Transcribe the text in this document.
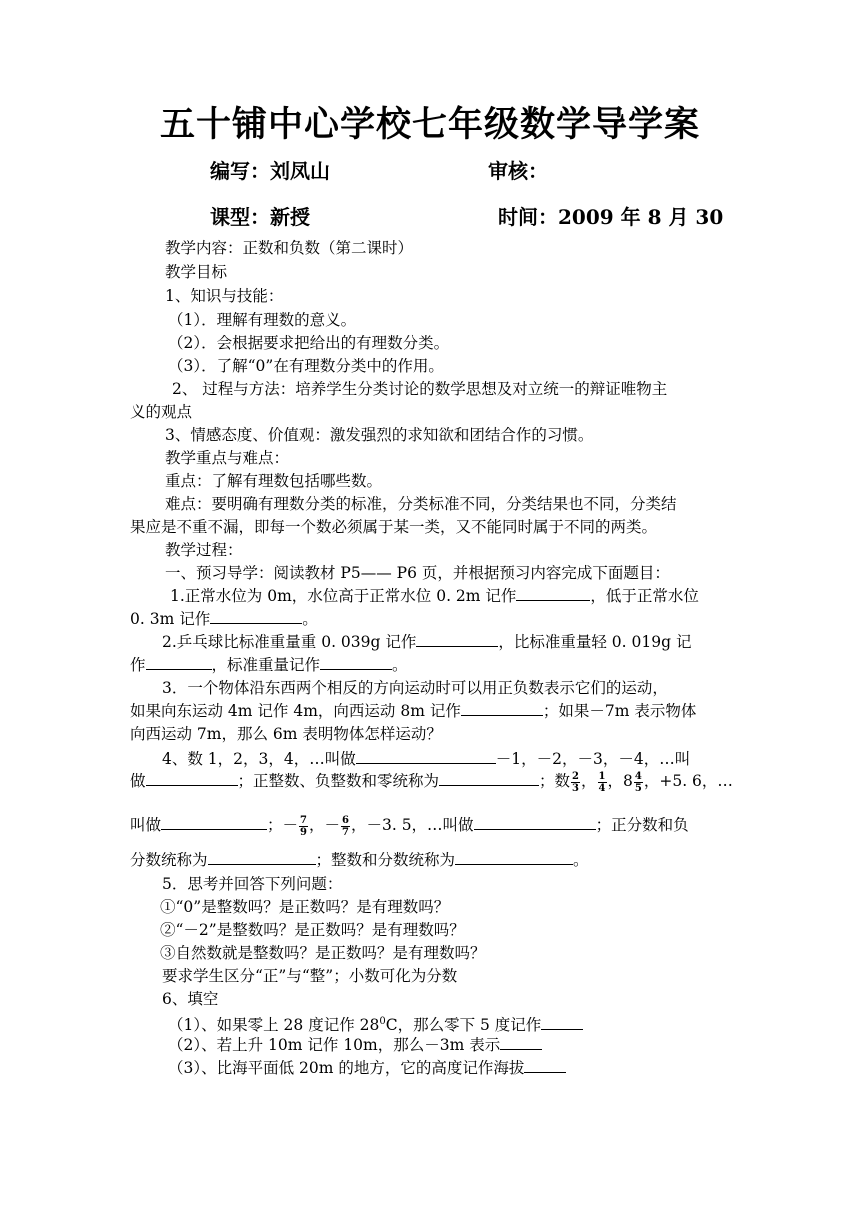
五十铺中心学校七年级数学导学案
编写：刘凤山	审核：
课型：新授	时间：2009 年 8 月 30
教学内容：正数和负数（第二课时）
教学目标
1、知识与技能：
（1）．理解有理数的意义。
（2）．会根据要求把给出的有理数分类。
（3）．了解“0”在有理数分类中的作用。
2、 过程与方法：培养学生分类讨论的数学思想及对立统一的辩证唯物主
义的观点
3、情感态度、价值观：激发强烈的求知欲和团结合作的习惯。
教学重点与难点：
重点：了解有理数包括哪些数。
难点：要明确有理数分类的标准，分类标准不同，分类结果也不同，分类结
果应是不重不漏，即每一个数必须属于某一类，又不能同时属于不同的两类。
教学过程：
一、预习导学：阅读教材 P5—— P6 页，并根据预习内容完成下面题目：
1.正常水位为 0m，水位高于正常水位 0. 2m 记作	，低于正常水位
0. 3m 记作	。
2.乒乓球比标准重量重 0. 039g 记作	，比标准重量轻 0. 019g 记
作	，标准重量记作	。
3．一个物体沿东西两个相反的方向运动时可以用正负数表示它们的运动，
如果向东运动 4m 记作 4m，向西运动 8m 记作	；如果－7m 表示物体
向西运动 7m，那么 6m 表明物体怎样运动？
4、数 1，2，3，4，…叫做	－1，－2，－3，－4，…叫
做	；正整数、负整数和零统称为	；数 $\frac{2}{3}$ ， $\frac{1}{4}$ ，$8 \frac{4}{5}$ ，+5. 6，…
叫做	；－ $\frac{7}{9}$ ，－ $\frac{6}{7}$ ，－3. 5，…叫做	；正分数和负
分数统称为	；整数和分数统称为	。
5．思考并回答下列问题：
①“0”是整数吗？是正数吗？是有理数吗？
②“－2”是整数吗？是正数吗？是有理数吗？
③自然数就是整数吗？是正数吗？是有理数吗？
要求学生区分“正”与“整”；小数可化为分数
6、填空
（1）、如果零上 28 度记作 $28^0C$，那么零下 5 度记作
（2）、若上升 10m 记作 10m，那么－3m 表示
（3）、比海平面低 20m 的地方，它的高度记作海拔
